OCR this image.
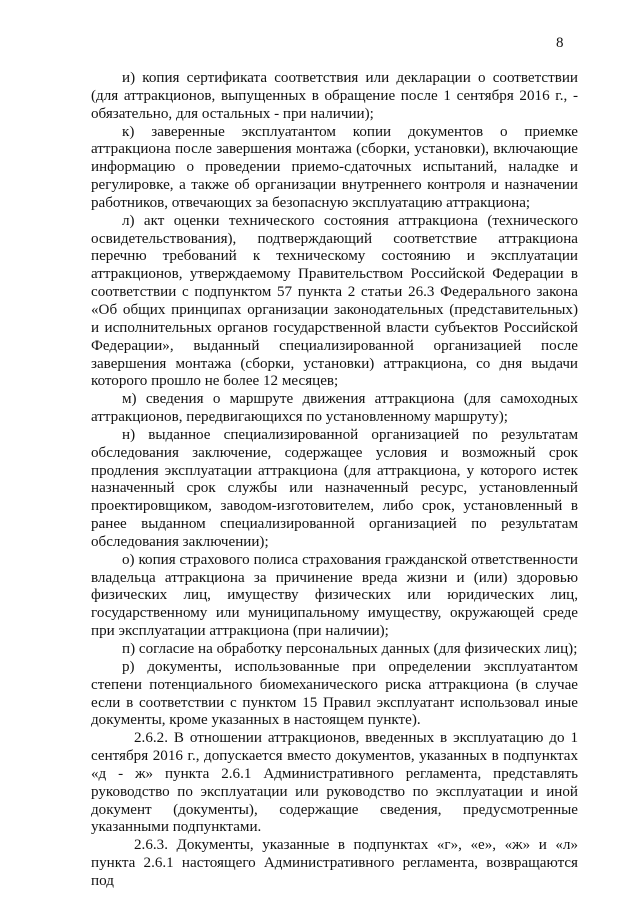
8

и) копия сертификата соответствия или декларации о соответствии (для аттракционов, выпущенных в обращение после 1 сентября 2016 г., - обязательно, для остальных - при наличии);

к) заверенные эксплуатантом копии документов о приемке аттракциона после завершения монтажа (сборки, установки), включающие информацию о проведении приемо-сдаточных испытаний, наладке и регулировке, а также об организации внутреннего контроля и назначении работников, отвечающих за безопасную эксплуатацию аттракциона;

л) акт оценки технического состояния аттракциона (технического освидетельствования), подтверждающий соответствие аттракциона перечню требований к техническому состоянию и эксплуатации аттракционов, утверждаемому Правительством Российской Федерации в соответствии с подпунктом 57 пункта 2 статьи 26.3 Федерального закона «Об общих принципах организации законодательных (представительных) и исполнительных органов государственной власти субъектов Российской Федерации», выданный специализированной организацией после завершения монтажа (сборки, установки) аттракциона, со дня выдачи которого прошло не более 12 месяцев;

м) сведения о маршруте движения аттракциона (для самоходных аттракционов, передвигающихся по установленному маршруту);

н) выданное специализированной организацией по результатам обследования заключение, содержащее условия и возможный срок продления эксплуатации аттракциона (для аттракциона, у которого истек назначенный срок службы или назначенный ресурс, установленный проектировщиком, заводом-изготовителем, либо срок, установленный в ранее выданном специализированной организацией по результатам обследования заключении);

о) копия страхового полиса страхования гражданской ответственности владельца аттракциона за причинение вреда жизни и (или) здоровью физических лиц, имуществу физических или юридических лиц, государственному или муниципальному имуществу, окружающей среде при эксплуатации аттракциона (при наличии);

п) согласие на обработку персональных данных (для физических лиц);

р) документы, использованные при определении эксплуатантом степени потенциального биомеханического риска аттракциона (в случае если в соответствии с пунктом 15 Правил эксплуатант использовал иные документы, кроме указанных в настоящем пункте).

2.6.2. В отношении аттракционов, введенных в эксплуатацию до 1 сентября 2016 г., допускается вместо документов, указанных в подпунктах «д - ж» пункта 2.6.1 Административного регламента, представлять руководство по эксплуатации или руководство по эксплуатации и иной документ (документы), содержащие сведения, предусмотренные указанными подпунктами.

2.6.3. Документы, указанные в подпунктах «г», «е», «ж» и «л» пункта 2.6.1 настоящего Административного регламента, возвращаются под
